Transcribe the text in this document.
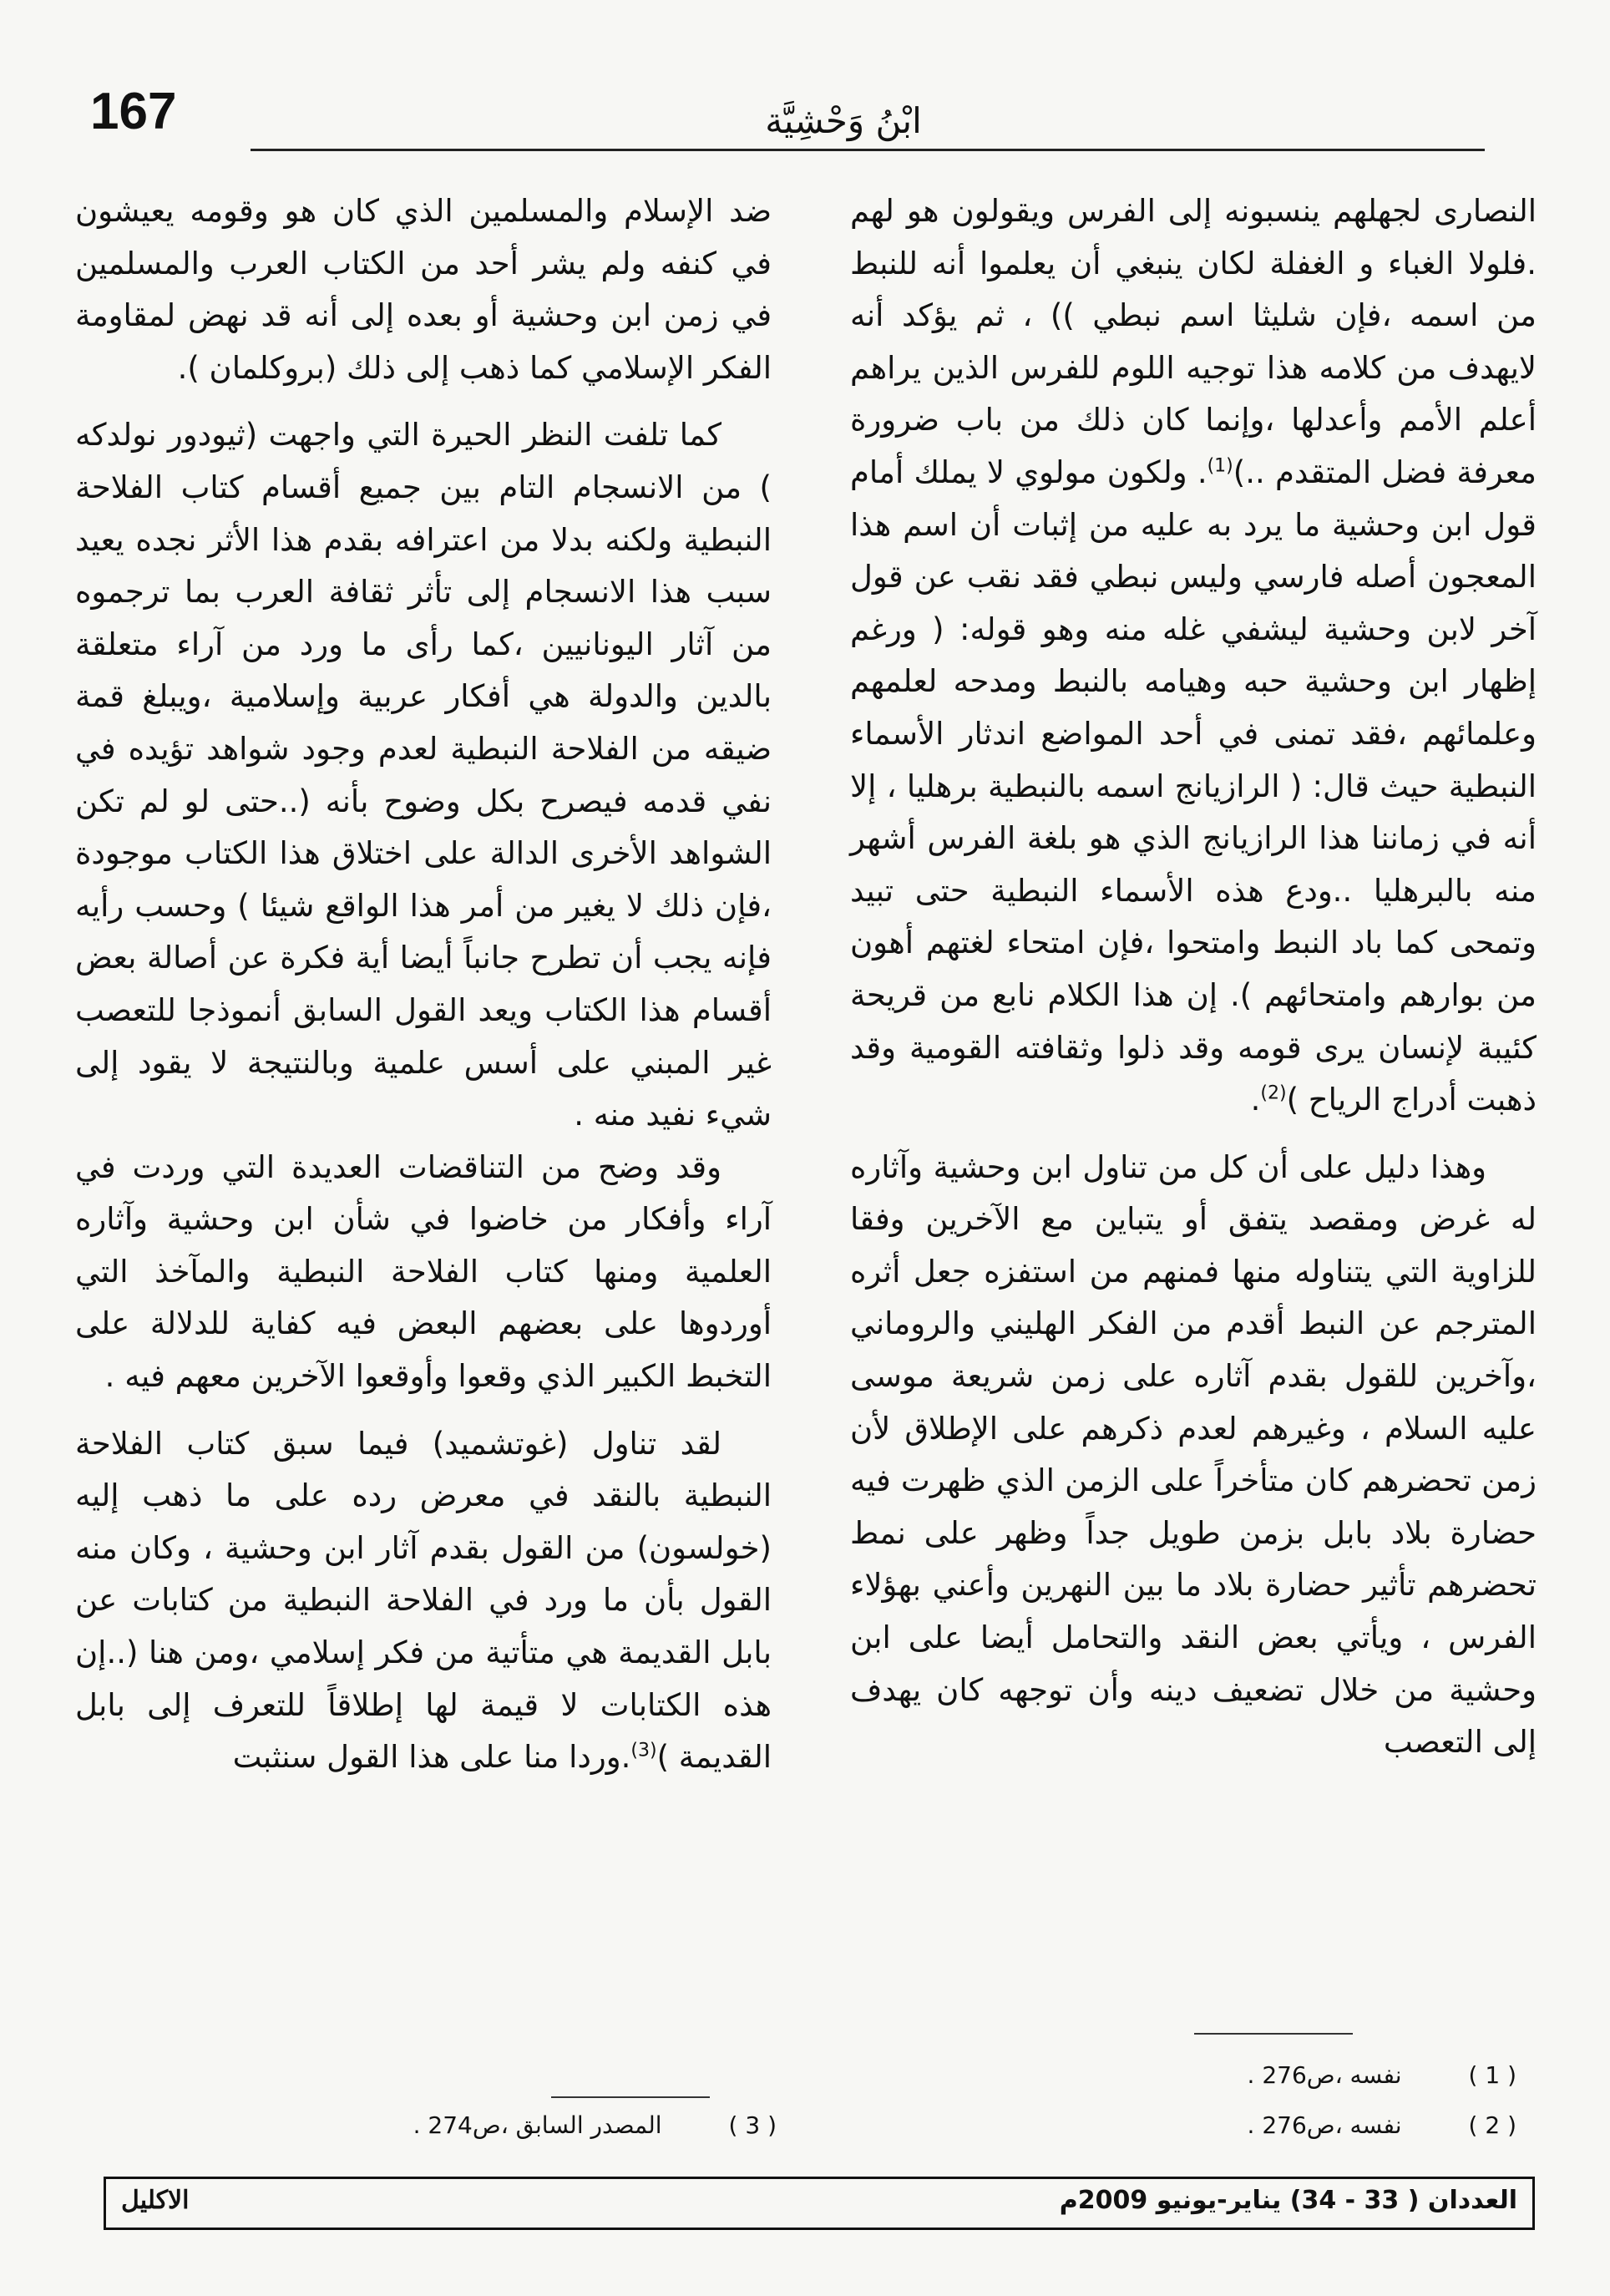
167	ابْنُ وَحْشِيَّة

النصارى لجهلهم ينسبونه إلى الفرس ويقولون هو لهم .فلولا الغباء و الغفلة لكان ينبغي أن يعلموا أنه للنبط من اسمه ،فإن شليثا اسم نبطي )) ، ثم يؤكد أنه لايهدف من كلامه هذا توجيه اللوم للفرس الذين يراهم أعلم الأمم وأعدلها ،وإنما كان ذلك من باب ضرورة معرفة فضل المتقدم ..)$^{(1)}$. ولكون مولوي لا يملك أمام قول ابن وحشية ما يرد به عليه من إثبات أن اسم هذا المعجون أصله فارسي وليس نبطي فقد نقب عن قول آخر لابن وحشية ليشفي غله منه وهو قوله: ( ورغم إظهار ابن وحشية حبه وهيامه بالنبط ومدحه لعلمهم وعلمائهم ،فقد تمنى في أحد المواضع اندثار الأسماء النبطية حيث قال: ( الرازيانج اسمه بالنبطية برهليا ، إلا أنه في زماننا هذا الرازيانج الذي هو بلغة الفرس أشهر منه بالبرهليا ..ودع هذه الأسماء النبطية حتى تبيد وتمحى كما باد النبط وامتحوا ،فإن امتحاء لغتهم أهون من بوارهم وامتحائهم ). إن هذا الكلام نابع من قريحة كئيبة لإنسان يرى قومه وقد ذلوا وثقافته القومية وقد ذهبت أدراج الرياح )$^{(2)}$.

وهذا دليل على أن كل من تناول ابن وحشية وآثاره له غرض ومقصد يتفق أو يتباين مع الآخرين وفقا للزاوية التي يتناوله منها فمنهم من استفزه جعل أثره المترجم عن النبط أقدم من الفكر الهليني والروماني ،وآخرين للقول بقدم آثاره على زمن شريعة موسى عليه السلام ، وغيرهم لعدم ذكرهم على الإطلاق لأن زمن تحضرهم كان متأخراً على الزمن الذي ظهرت فيه حضارة بلاد بابل بزمن طويل جداً وظهر على نمط تحضرهم تأثير حضارة بلاد ما بين النهرين وأعني بهؤلاء الفرس ، ويأتي بعض النقد والتحامل أيضا على ابن وحشية من خلال تضعيف دينه وأن توجهه كان يهدف إلى التعصب

ضد الإسلام والمسلمين الذي كان هو وقومه يعيشون في كنفه ولم يشر أحد من الكتاب العرب والمسلمين في زمن ابن وحشية أو بعده إلى أنه قد نهض لمقاومة الفكر الإسلامي كما ذهب إلى ذلك (بروكلمان ).

كما تلفت النظر الحيرة التي واجهت (ثيودور نولدكه ) من الانسجام التام بين جميع أقسام كتاب الفلاحة النبطية ولكنه بدلا من اعترافه بقدم هذا الأثر نجده يعيد سبب هذا الانسجام إلى تأثر ثقافة العرب بما ترجموه من آثار اليونانيين ،كما رأى ما ورد من آراء متعلقة بالدين والدولة هي أفكار عربية وإسلامية ،ويبلغ قمة ضيقه من الفلاحة النبطية لعدم وجود شواهد تؤيده في نفي قدمه فيصرح بكل وضوح بأنه (..حتى لو لم تكن الشواهد الأخرى الدالة على اختلاق هذا الكتاب موجودة ،فإن ذلك لا يغير من أمر هذا الواقع شيئا ) وحسب رأيه فإنه يجب أن تطرح جانباً أيضا أية فكرة عن أصالة بعض أقسام هذا الكتاب ويعد القول السابق أنموذجا للتعصب غير المبني على أسس علمية وبالنتيجة لا يقود إلى شيء نفيد منه .

وقد وضح من التناقضات العديدة التي وردت في آراء وأفكار من خاضوا في شأن ابن وحشية وآثاره العلمية ومنها كتاب الفلاحة النبطية والمآخذ التي أوردوها على بعضهم البعض فيه كفاية للدلالة على التخبط الكبير الذي وقعوا وأوقعوا الآخرين معهم فيه .

لقد تناول (غوتشميد) فيما سبق كتاب الفلاحة النبطية بالنقد في معرض رده على ما ذهب إليه (خولسون) من القول بقدم آثار ابن وحشية ، وكان منه القول بأن ما ورد في الفلاحة النبطية من كتابات عن بابل القديمة هي متأتية من فكر إسلامي ،ومن هنا (..إن هذه الكتابات لا قيمة لها إطلاقاً للتعرف إلى بابل القديمة )$^{(3)}$.وردا منا على هذا القول سنثبت

( 1 )
نفسه ،ص276 .
( 2 )
نفسه ،ص276 .
( 3 )
المصدر السابق ،ص274 .
العددان ( 33 - 34) يناير-يونيو 2009م
الاكليل
